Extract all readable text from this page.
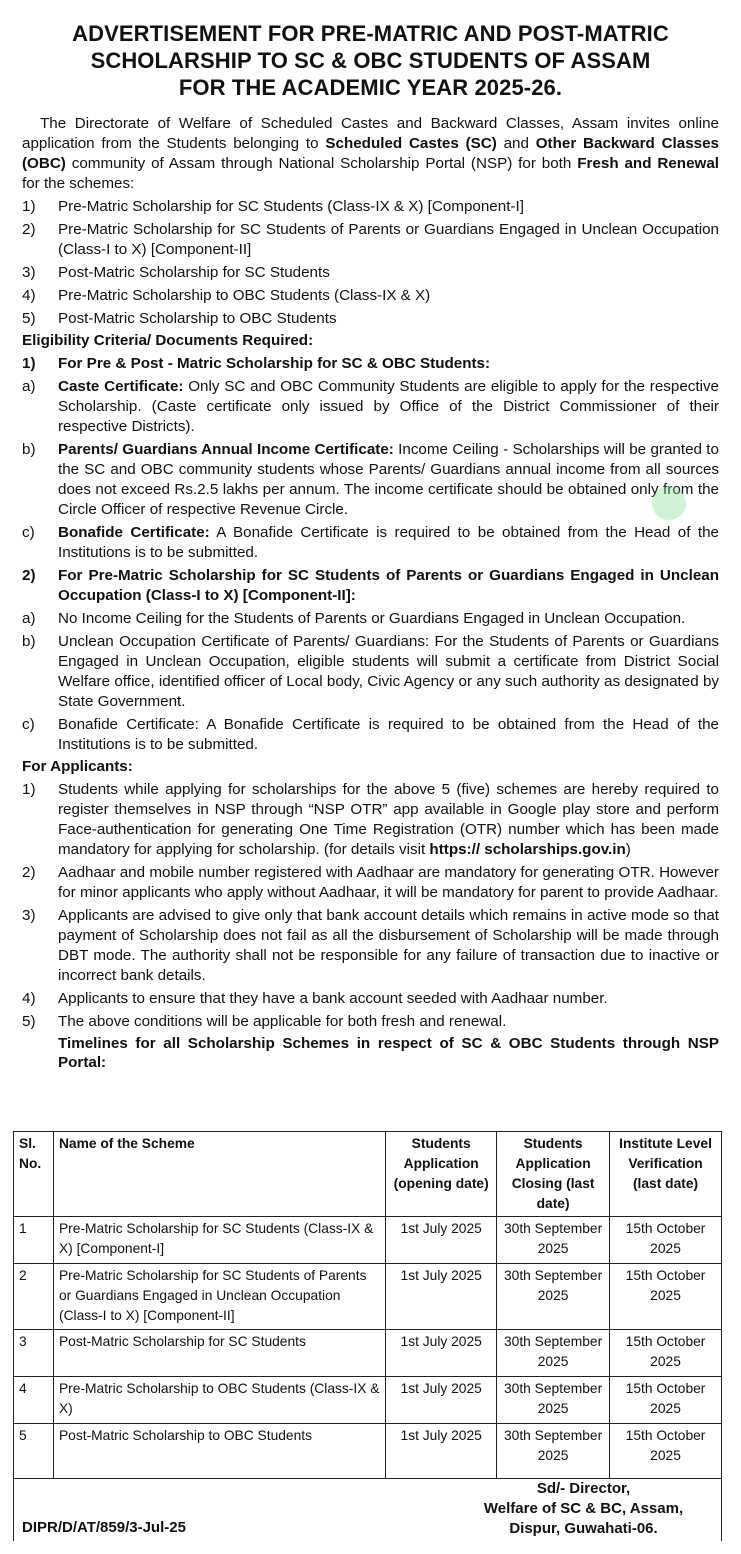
ADVERTISEMENT FOR PRE-MATRIC AND POST-MATRIC
SCHOLARSHIP TO SC & OBC STUDENTS OF ASSAM
FOR THE ACADEMIC YEAR 2025-26.

The Directorate of Welfare of Scheduled Castes and Backward Classes, Assam invites online application from the Students belonging to Scheduled Castes (SC) and Other Backward Classes (OBC) community of Assam through National Scholarship Portal (NSP) for both Fresh and Renewal for the schemes:

1)	Pre-Matric Scholarship for SC Students (Class-IX & X) [Component-I]
2)	Pre-Matric Scholarship for SC Students of Parents or Guardians Engaged in Unclean Occupation (Class-I to X) [Component-II]
3)	Post-Matric Scholarship for SC Students
4)	Pre-Matric Scholarship to OBC Students (Class-IX & X)
5)	Post-Matric Scholarship to OBC Students
Eligibility Criteria/ Documents Required:
1)	For Pre & Post - Matric Scholarship for SC & OBC Students:
a)	Caste Certificate: Only SC and OBC Community Students are eligible to apply for the respective Scholarship. (Caste certificate only issued by Office of the District Commissioner of their respective Districts).
b)	Parents/ Guardians Annual Income Certificate: Income Ceiling - Scholarships will be granted to the SC and OBC community students whose Parents/ Guardians annual income from all sources does not exceed Rs.2.5 lakhs per annum. The income certificate should be obtained only from the Circle Officer of respective Revenue Circle.
c)	Bonafide Certificate: A Bonafide Certificate is required to be obtained from the Head of the Institutions is to be submitted.
2)	For Pre-Matric Scholarship for SC Students of Parents or Guardians Engaged in Unclean Occupation (Class-I to X) [Component-II]:
a)	No Income Ceiling for the Students of Parents or Guardians Engaged in Unclean Occupation.
b)	Unclean Occupation Certificate of Parents/ Guardians: For the Students of Parents or Guardians Engaged in Unclean Occupation, eligible students will submit a certificate from District Social Welfare office, identified officer of Local body, Civic Agency or any such authority as designated by State Government.
c)	Bonafide Certificate: A Bonafide Certificate is required to be obtained from the Head of the Institutions is to be submitted.
For Applicants:
1)	Students while applying for scholarships for the above 5 (five) schemes are hereby required to register themselves in NSP through “NSP OTR” app available in Google play store and perform Face-authentication for generating One Time Registration (OTR) number which has been made mandatory for applying for scholarship. (for details visit https:// scholarships.gov.in)
2)	Aadhaar and mobile number registered with Aadhaar are mandatory for generating OTR. However for minor applicants who apply without Aadhaar, it will be mandatory for parent to provide Aadhaar.
3)	Applicants are advised to give only that bank account details which remains in active mode so that payment of Scholarship does not fail as all the disbursement of Scholarship will be made through DBT mode. The authority shall not be responsible for any failure of transaction due to inactive or incorrect bank details.
4)	Applicants to ensure that they have a bank account seeded with Aadhaar number.
5)	The above conditions will be applicable for both fresh and renewal.
Timelines for all Scholarship Schemes in respect of SC & OBC Students through NSP Portal:
Sl. No.	Name of the Scheme	Students Application (opening date)	Students Application Closing (last date)	Institute Level Verification (last date)
1	Pre-Matric Scholarship for SC Students (Class-IX & X) [Component-I]	1st July 2025	30th September 2025	15th October 2025
2	Pre-Matric Scholarship for SC Students of Parents or Guardians Engaged in Unclean Occupation (Class-I to X) [Component-II]	1st July 2025	30th September 2025	15th October 2025
3	Post-Matric Scholarship for SC Students	1st July 2025	30th September 2025	15th October 2025
4	Pre-Matric Scholarship to OBC Students (Class-IX & X)	1st July 2025	30th September 2025	15th October 2025
5	Post-Matric Scholarship to OBC Students	1st July 2025	30th September 2025	15th October 2025
Sd/- Director,
Welfare of SC & BC, Assam,
Dispur, Guwahati-06.
DIPR/D/AT/859/3-Jul-25
